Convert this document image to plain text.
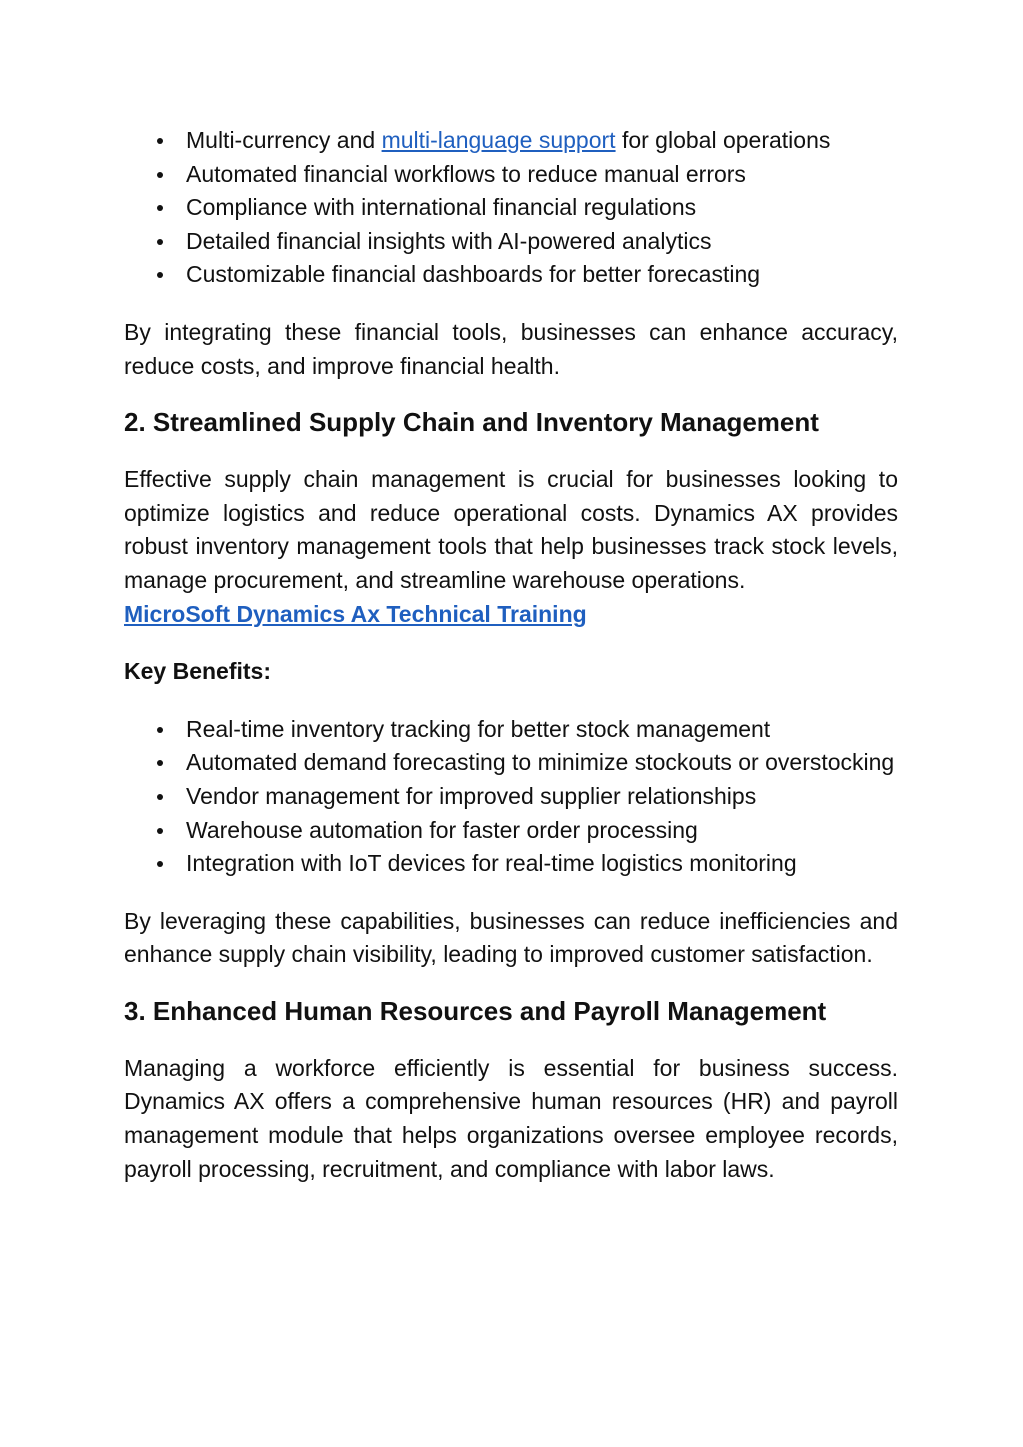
Multi-currency and multi-language support for global operations
Automated financial workflows to reduce manual errors
Compliance with international financial regulations
Detailed financial insights with AI-powered analytics
Customizable financial dashboards for better forecasting

By integrating these financial tools, businesses can enhance accuracy, reduce costs, and improve financial health.

2. Streamlined Supply Chain and Inventory Management

Effective supply chain management is crucial for businesses looking to optimize logistics and reduce operational costs. Dynamics AX provides robust inventory management tools that help businesses track stock levels, manage procurement, and streamline warehouse operations.

MicroSoft Dynamics Ax Technical Training

Key Benefits:

Real-time inventory tracking for better stock management
Automated demand forecasting to minimize stockouts or overstocking
Vendor management for improved supplier relationships
Warehouse automation for faster order processing
Integration with IoT devices for real-time logistics monitoring

By leveraging these capabilities, businesses can reduce inefficiencies and enhance supply chain visibility, leading to improved customer satisfaction.

3. Enhanced Human Resources and Payroll Management

Managing a workforce efficiently is essential for business success. Dynamics AX offers a comprehensive human resources (HR) and payroll management module that helps organizations oversee employee records, payroll processing, recruitment, and compliance with labor laws.
